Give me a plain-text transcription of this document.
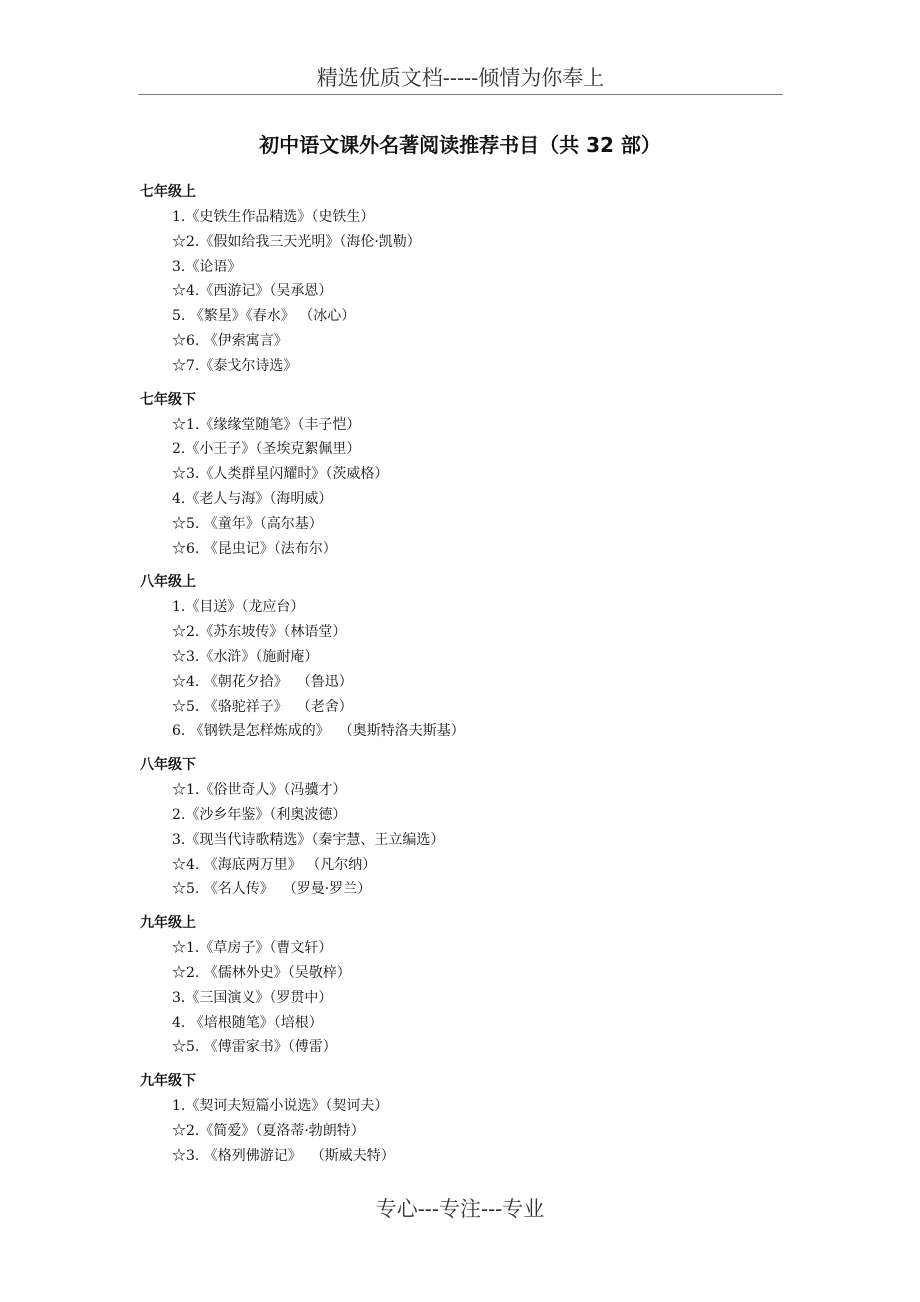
精选优质文档-----倾情为你奉上
初中语文课外名著阅读推荐书目（共 32 部）
七年级上
1.《史铁生作品精选》（史铁生）
☆2.《假如给我三天光明》（海伦·凯勒）
3.《论语》
☆4.《西游记》（吴承恩）
5. 《繁星》《春水》 （冰心）
☆6. 《伊索寓言》
☆7.《泰戈尔诗选》
七年级下
☆1.《缘缘堂随笔》（丰子恺）
2.《小王子》（圣埃克絮佩里）
☆3.《人类群星闪耀时》（茨威格）
4.《老人与海》（海明威）
☆5. 《童年》（高尔基）
☆6. 《昆虫记》（法布尔）
八年级上
1.《目送》（龙应台）
☆2.《苏东坡传》（林语堂）
☆3.《水浒》（施耐庵）
☆4. 《朝花夕拾》  （鲁迅）
☆5. 《骆驼祥子》  （老舍）
6. 《钢铁是怎样炼成的》  （奥斯特洛夫斯基）
八年级下
☆1.《俗世奇人》（冯骥才）
2.《沙乡年鉴》（利奥波德）
3.《现当代诗歌精选》（秦宇慧、王立编选）
☆4. 《海底两万里》 （凡尔纳）
☆5. 《名人传》  （罗曼·罗兰）
九年级上
☆1.《草房子》（曹文轩）
☆2. 《儒林外史》（吴敬梓）
3.《三国演义》（罗贯中）
4. 《培根随笔》（培根）
☆5. 《傅雷家书》（傅雷）
九年级下
1.《契诃夫短篇小说选》（契诃夫）
☆2.《简爱》（夏洛蒂·勃朗特）
☆3. 《格列佛游记》  （斯威夫特）
专心---专注---专业
